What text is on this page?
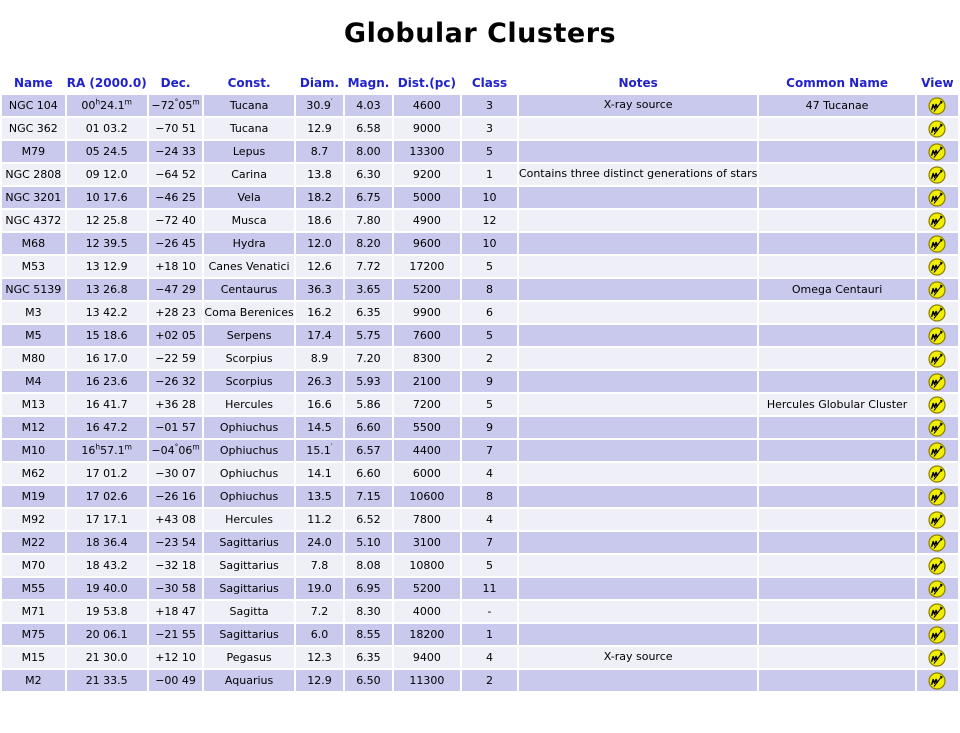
Globular Clusters
Name	RA (2000.0)	Dec.	Const.	Diam.	Magn.	Dist.(pc)	Class	Notes	Common Name	View
NGC 104	$00^h24.1^m$	$-72^\circ 05^m$	Tucana	30.9′	4.03	4600	3	X-ray source	47 Tucanae	

NGC 362	01 03.2	−70 51	Tucana	12.9	6.58	9000	3			

M79	05 24.5	−24 33	Lepus	8.7	8.00	13300	5			

NGC 2808	09 12.0	−64 52	Carina	13.8	6.30	9200	1	Contains three distinct generations of stars		

NGC 3201	10 17.6	−46 25	Vela	18.2	6.75	5000	10			

NGC 4372	12 25.8	−72 40	Musca	18.6	7.80	4900	12			

M68	12 39.5	−26 45	Hydra	12.0	8.20	9600	10			

M53	13 12.9	+18 10	Canes Venatici	12.6	7.72	17200	5			

NGC 5139	13 26.8	−47 29	Centaurus	36.3	3.65	5200	8		Omega Centauri	

M3	13 42.2	+28 23	Coma Berenices	16.2	6.35	9900	6			

M5	15 18.6	+02 05	Serpens	17.4	5.75	7600	5			

M80	16 17.0	−22 59	Scorpius	8.9	7.20	8300	2			

M4	16 23.6	−26 32	Scorpius	26.3	5.93	2100	9			

M13	16 41.7	+36 28	Hercules	16.6	5.86	7200	5		Hercules Globular Cluster	

M12	16 47.2	−01 57	Ophiuchus	14.5	6.60	5500	9			

M10	$16^h57.1^m$	$-04^\circ 06^m$	Ophiuchus	15.1′	6.57	4400	7			

M62	17 01.2	−30 07	Ophiuchus	14.1	6.60	6000	4			

M19	17 02.6	−26 16	Ophiuchus	13.5	7.15	10600	8			

M92	17 17.1	+43 08	Hercules	11.2	6.52	7800	4			

M22	18 36.4	−23 54	Sagittarius	24.0	5.10	3100	7			

M70	18 43.2	−32 18	Sagittarius	7.8	8.08	10800	5			

M55	19 40.0	−30 58	Sagittarius	19.0	6.95	5200	11			

M71	19 53.8	+18 47	Sagitta	7.2	8.30	4000	-			

M75	20 06.1	−21 55	Sagittarius	6.0	8.55	18200	1			

M15	21 30.0	+12 10	Pegasus	12.3	6.35	9400	4	X-ray source		

M2	21 33.5	−00 49	Aquarius	12.9	6.50	11300	2			
